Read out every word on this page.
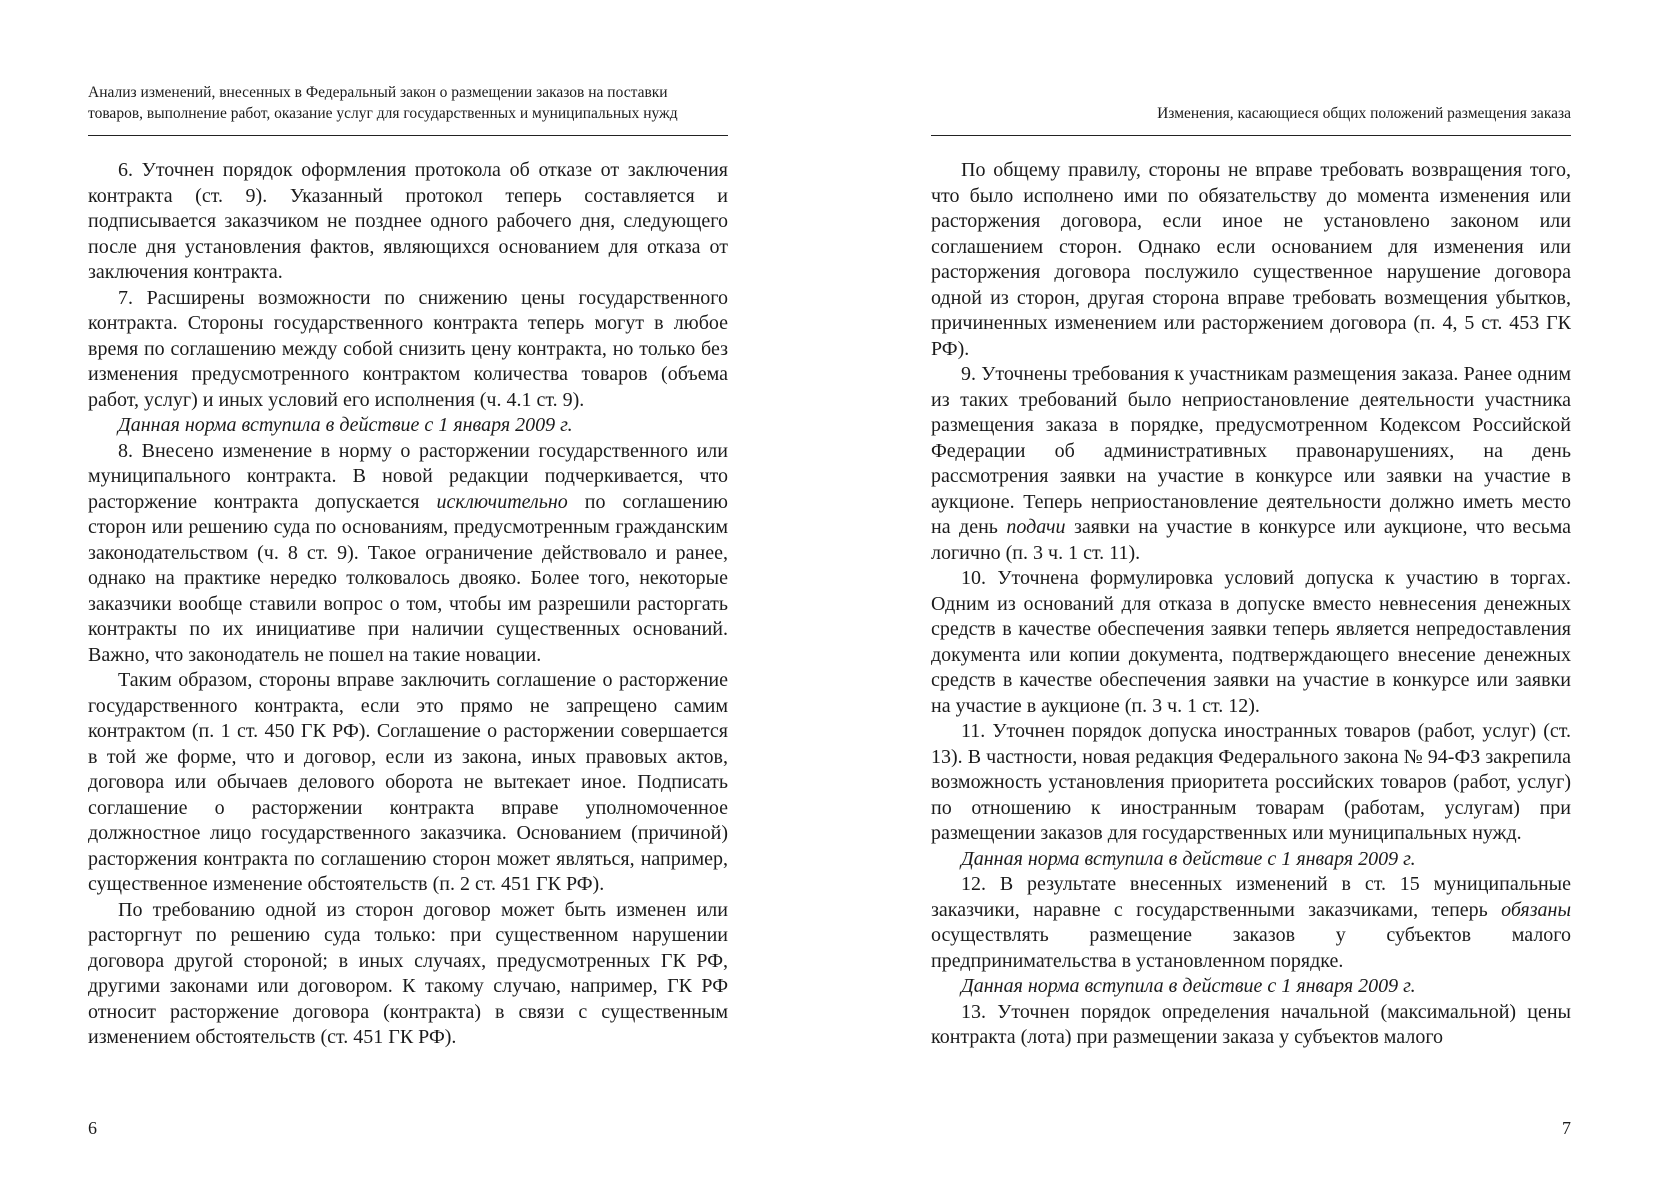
Анализ изменений, внесенных в Федеральный закон о размещении заказов на поставки
товаров, выполнение работ, оказание услуг для государственных и муниципальных нужд

6. Уточнен порядок оформления протокола об отказе от заключения контракта (ст. 9). Указанный протокол теперь составляется и подписывается заказчиком не позднее одного рабочего дня, следующего после дня установления фактов, являющихся основанием для отказа от заключения контракта.

7. Расширены возможности по снижению цены государственного контракта. Стороны государственного контракта теперь могут в любое время по соглашению между собой снизить цену контракта, но только без изменения предусмотренного контрактом количества товаров (объема работ, услуг) и иных условий его исполнения (ч. 4.1 ст. 9).

Данная норма вступила в действие с 1 января 2009 г.

8. Внесено изменение в норму о расторжении государственного или муниципального контракта. В новой редакции подчеркивается, что расторжение контракта допускается исключительно по соглашению сторон или решению суда по основаниям, предусмотренным гражданским законодательством (ч. 8 ст. 9). Такое ограничение действовало и ранее, однако на практике нередко толковалось двояко. Более того, некоторые заказчики вообще ставили вопрос о том, чтобы им разрешили расторгать контракты по их инициативе при наличии существенных оснований. Важно, что законодатель не пошел на такие новации.

Таким образом, стороны вправе заключить соглашение о расторжение государственного контракта, если это прямо не запрещено самим контрактом (п. 1 ст. 450 ГК РФ). Соглашение о расторжении совершается в той же форме, что и договор, если из закона, иных правовых актов, договора или обычаев делового оборота не вытекает иное. Подписать соглашение о расторжении контракта вправе уполномоченное должностное лицо государственного заказчика. Основанием (причиной) расторжения контракта по соглашению сторон может являться, например, существенное изменение обстоятельств (п. 2 ст. 451 ГК РФ).

По требованию одной из сторон договор может быть изменен или расторгнут по решению суда только: при существенном нарушении договора другой стороной; в иных случаях, предусмотренных ГК РФ, другими законами или договором. К такому случаю, например, ГК РФ относит расторжение договора (контракта) в связи с существенным изменением обстоятельств (ст. 451 ГК РФ).

6
Изменения, касающиеся общих положений размещения заказа

По общему правилу, стороны не вправе требовать возвращения того, что было исполнено ими по обязательству до момента изменения или расторжения договора, если иное не установлено законом или соглашением сторон. Однако если основанием для изменения или расторжения договора послужило существенное нарушение договора одной из сторон, другая сторона вправе требовать возмещения убытков, причиненных изменением или расторжением договора (п. 4, 5 ст. 453 ГК РФ).

9. Уточнены требования к участникам размещения заказа. Ранее одним из таких требований было неприостановление деятельности участника размещения заказа в порядке, предусмотренном Кодексом Российской Федерации об административных правонарушениях, на день рассмотрения заявки на участие в конкурсе или заявки на участие в аукционе. Теперь неприостановление деятельности должно иметь место на день подачи заявки на участие в конкурсе или аукционе, что весьма логично (п. 3 ч. 1 ст. 11).

10. Уточнена формулировка условий допуска к участию в торгах. Одним из оснований для отказа в допуске вместо невнесения денежных средств в качестве обеспечения заявки теперь является непредоставления документа или копии документа, подтверждающего внесение денежных средств в качестве обеспечения заявки на участие в конкурсе или заявки на участие в аукционе (п. 3 ч. 1 ст. 12).

11. Уточнен порядок допуска иностранных товаров (работ, услуг) (ст. 13). В частности, новая редакция Федерального закона № 94-ФЗ закрепила возможность установления приоритета российских товаров (работ, услуг) по отношению к иностранным товарам (работам, услугам) при размещении заказов для государственных или муниципальных нужд.

Данная норма вступила в действие с 1 января 2009 г.

12. В результате внесенных изменений в ст. 15 муниципальные заказчики, наравне с государственными заказчиками, теперь обязаны осуществлять размещение заказов у субъектов малого предпринимательства в установленном порядке.

Данная норма вступила в действие с 1 января 2009 г.

13. Уточнен порядок определения начальной (максимальной) цены контракта (лота) при размещении заказа у субъектов малого

7
